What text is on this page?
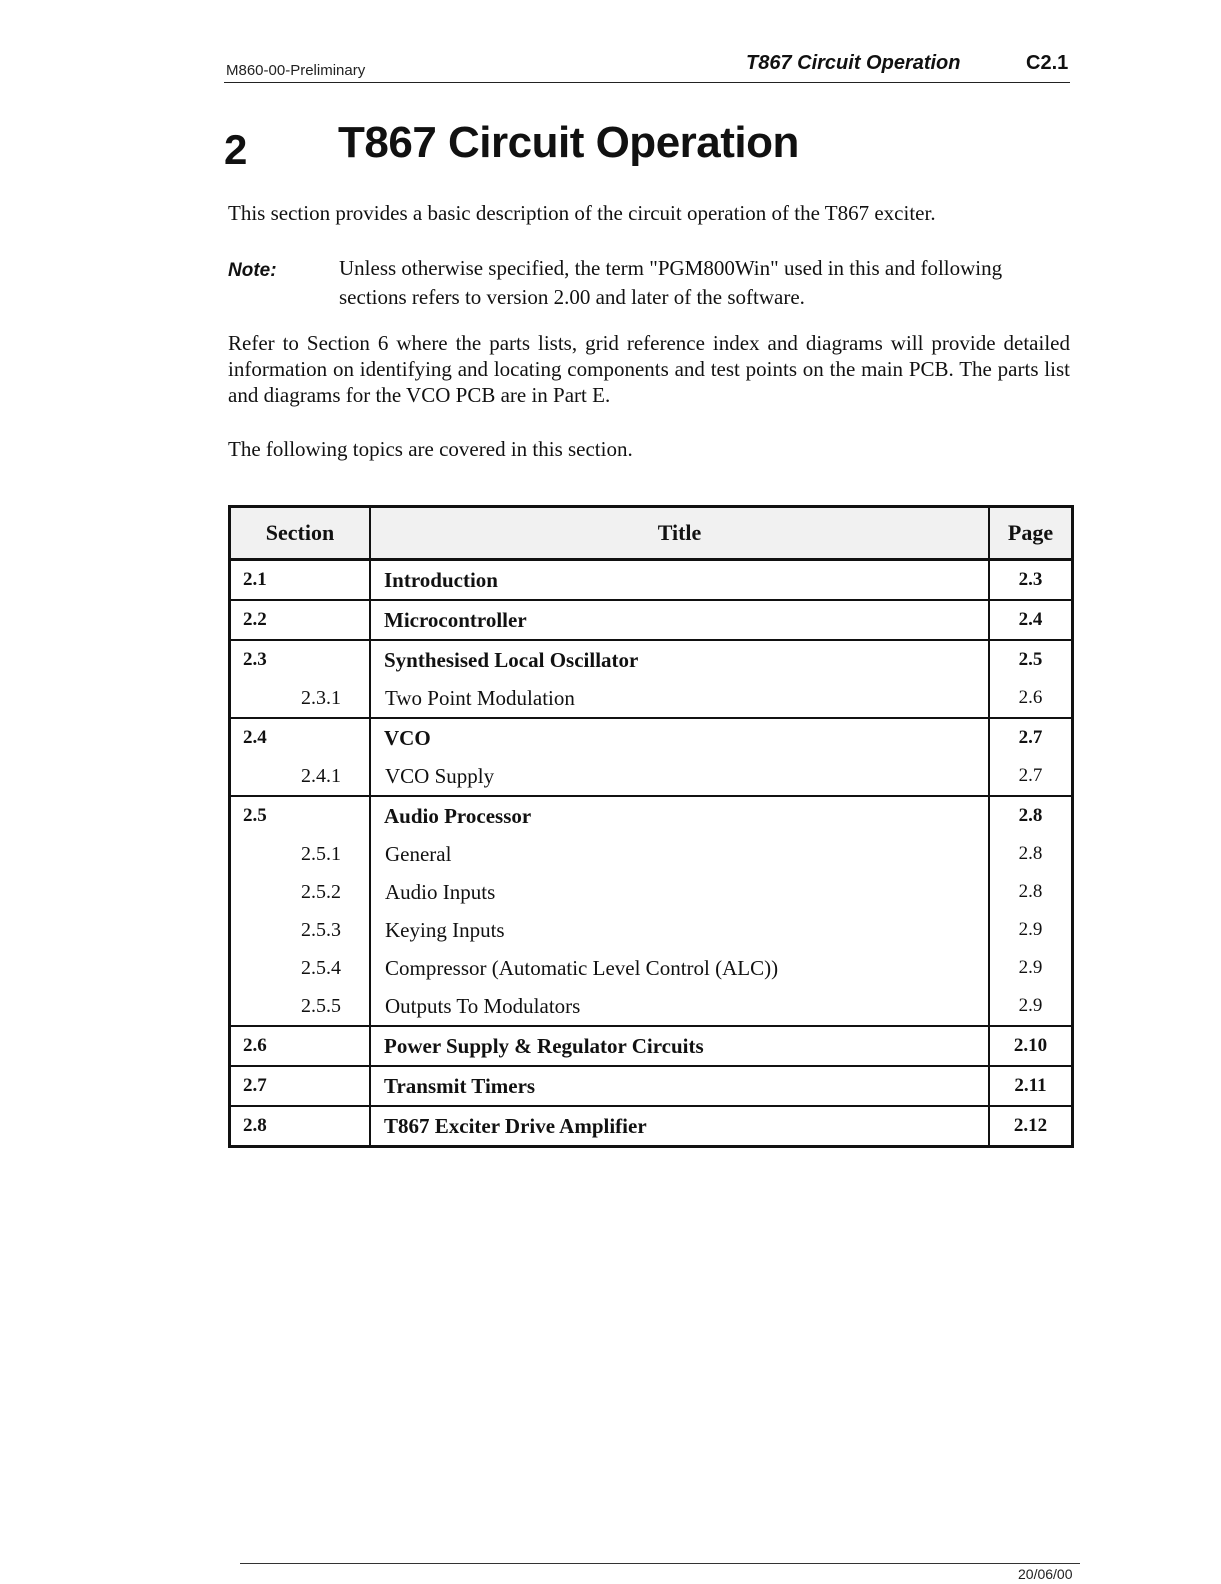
M860-00-Preliminary	T867 Circuit Operation	C2.1
2 T867 Circuit Operation
This section provides a basic description of the circuit operation of the T867 exciter.
Note:	Unless otherwise specified, the term "PGM800Win" used in this and following sections refers to version 2.00 and later of the software.
Refer to Section 6 where the parts lists, grid reference index and diagrams will provide detailed information on identifying and locating components and test points on the main PCB. The parts list and diagrams for the VCO PCB are in Part E.
The following topics are covered in this section.
Section	Title	Page
2.1	Introduction	2.3
2.2	Microcontroller	2.4
2.3	Synthesised Local Oscillator	2.5
2.3.1	Two Point Modulation	2.6
2.4	VCO	2.7
2.4.1	VCO Supply	2.7
2.5	Audio Processor	2.8
2.5.1	General	2.8
2.5.2	Audio Inputs	2.8
2.5.3	Keying Inputs	2.9
2.5.4	Compressor (Automatic Level Control (ALC))	2.9
2.5.5	Outputs To Modulators	2.9
2.6	Power Supply & Regulator Circuits	2.10
2.7	Transmit Timers	2.11
2.8	T867 Exciter Drive Amplifier	2.12
20/06/00
